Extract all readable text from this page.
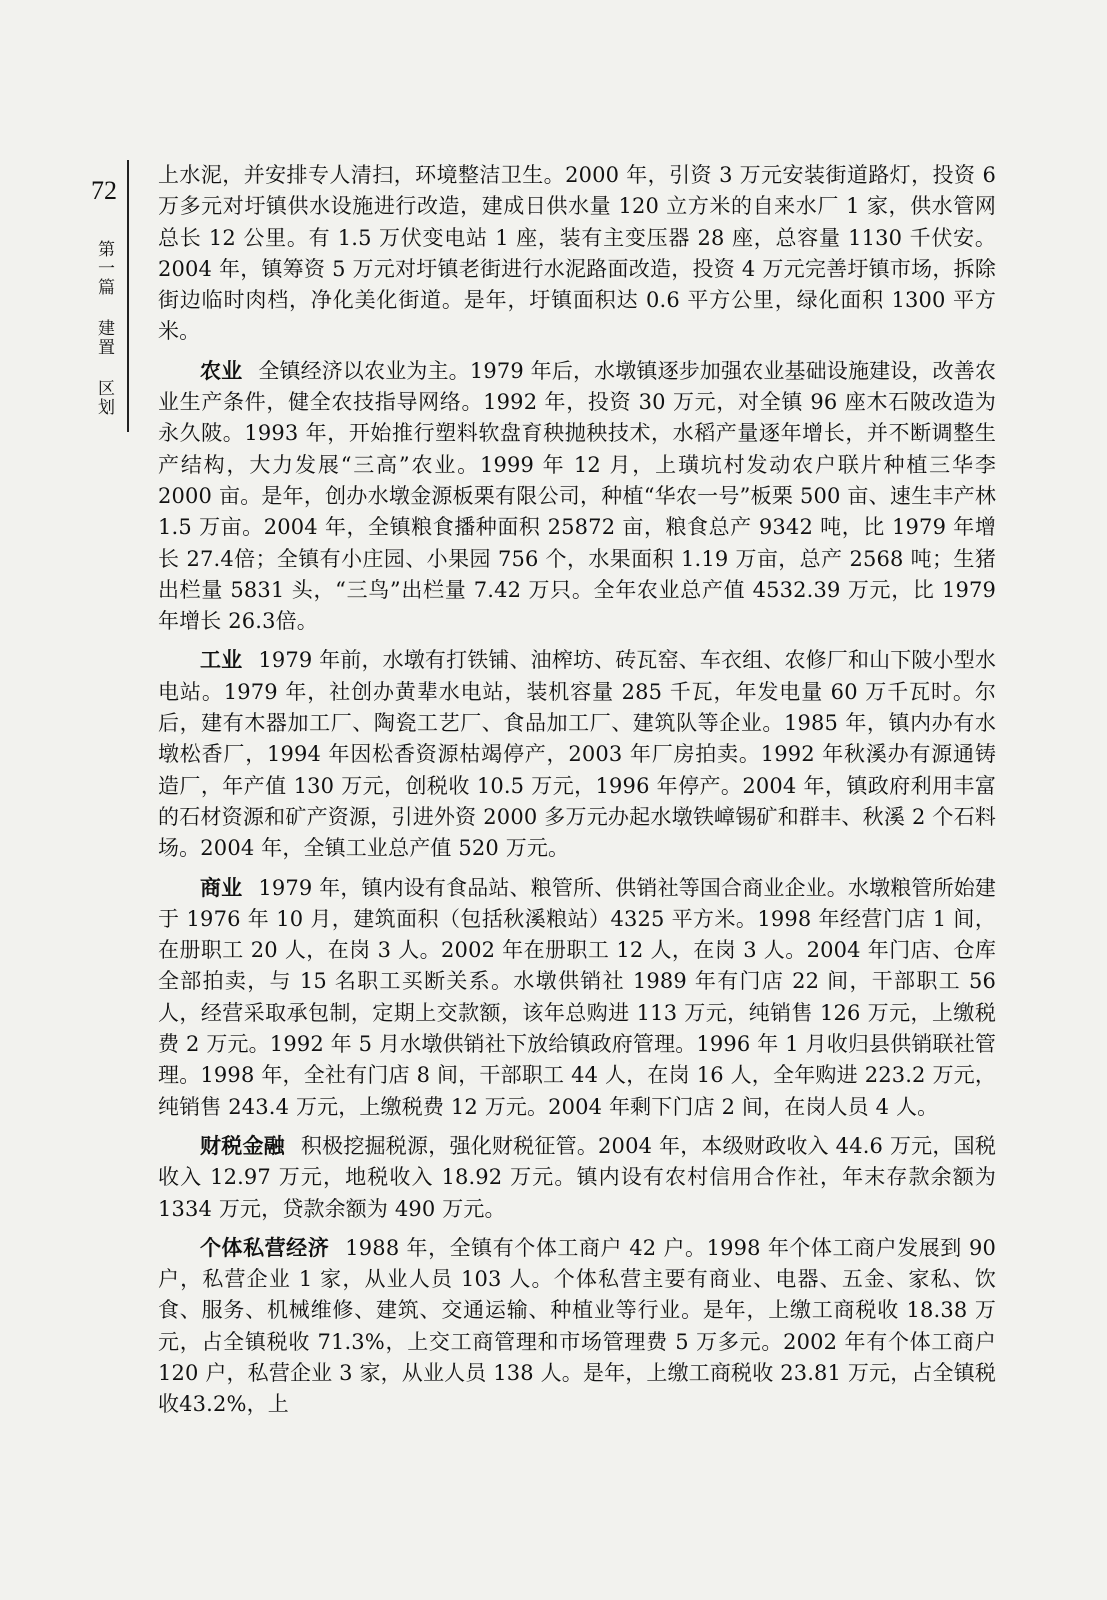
72
第一篇 建置 区划

上水泥，并安排专人清扫，环境整洁卫生。2000 年，引资 3 万元安装街道路灯，投资 6 万多元对圩镇供水设施进行改造，建成日供水量 120 立方米的自来水厂 1 家，供水管网总长 12 公里。有 1.5 万伏变电站 1 座，装有主变压器 28 座，总容量 1130 千伏安。2004 年，镇筹资 5 万元对圩镇老街进行水泥路面改造，投资 4 万元完善圩镇市场，拆除街边临时肉档，净化美化街道。是年，圩镇面积达 0.6 平方公里，绿化面积 1300 平方米。

农业 全镇经济以农业为主。1979 年后，水墩镇逐步加强农业基础设施建设，改善农业生产条件，健全农技指导网络。1992 年，投资 30 万元，对全镇 96 座木石陂改造为永久陂。1993 年，开始推行塑料软盘育秧抛秧技术，水稻产量逐年增长，并不断调整生产结构，大力发展“三高”农业。1999 年 12 月，上璜坑村发动农户联片种植三华李 2000 亩。是年，创办水墩金源板栗有限公司，种植“华农一号”板栗 500 亩、速生丰产林 1.5 万亩。2004 年，全镇粮食播种面积 25872 亩，粮食总产 9342 吨，比 1979 年增长 27.4倍；全镇有小庄园、小果园 756 个，水果面积 1.19 万亩，总产 2568 吨；生猪出栏量 5831 头，“三鸟”出栏量 7.42 万只。全年农业总产值 4532.39 万元，比 1979 年增长 26.3倍。

工业 1979 年前，水墩有打铁铺、油榨坊、砖瓦窑、车衣组、农修厂和山下陂小型水电站。1979 年，社创办黄辈水电站，装机容量 285 千瓦，年发电量 60 万千瓦时。尔后，建有木器加工厂、陶瓷工艺厂、食品加工厂、建筑队等企业。1985 年，镇内办有水墩松香厂，1994 年因松香资源枯竭停产，2003 年厂房拍卖。1992 年秋溪办有源通铸造厂，年产值 130 万元，创税收 10.5 万元，1996 年停产。2004 年，镇政府利用丰富的石材资源和矿产资源，引进外资 2000 多万元办起水墩铁嶂锡矿和群丰、秋溪 2 个石料场。2004 年，全镇工业总产值 520 万元。

商业 1979 年，镇内设有食品站、粮管所、供销社等国合商业企业。水墩粮管所始建于 1976 年 10 月，建筑面积（包括秋溪粮站）4325 平方米。1998 年经营门店 1 间，在册职工 20 人，在岗 3 人。2002 年在册职工 12 人，在岗 3 人。2004 年门店、仓库全部拍卖，与 15 名职工买断关系。水墩供销社 1989 年有门店 22 间，干部职工 56 人，经营采取承包制，定期上交款额，该年总购进 113 万元，纯销售 126 万元，上缴税费 2 万元。1992 年 5 月水墩供销社下放给镇政府管理。1996 年 1 月收归县供销联社管理。1998 年，全社有门店 8 间，干部职工 44 人，在岗 16 人，全年购进 223.2 万元，纯销售 243.4 万元，上缴税费 12 万元。2004 年剩下门店 2 间，在岗人员 4 人。

财税金融 积极挖掘税源，强化财税征管。2004 年，本级财政收入 44.6 万元，国税收入 12.97 万元，地税收入 18.92 万元。镇内设有农村信用合作社，年末存款余额为 1334 万元，贷款余额为 490 万元。

个体私营经济 1988 年，全镇有个体工商户 42 户。1998 年个体工商户发展到 90 户，私营企业 1 家，从业人员 103 人。个体私营主要有商业、电器、五金、家私、饮食、服务、机械维修、建筑、交通运输、种植业等行业。是年，上缴工商税收 18.38 万元，占全镇税收 71.3%，上交工商管理和市场管理费 5 万多元。2002 年有个体工商户 120 户，私营企业 3 家，从业人员 138 人。是年，上缴工商税收 23.81 万元，占全镇税收43.2%，上
